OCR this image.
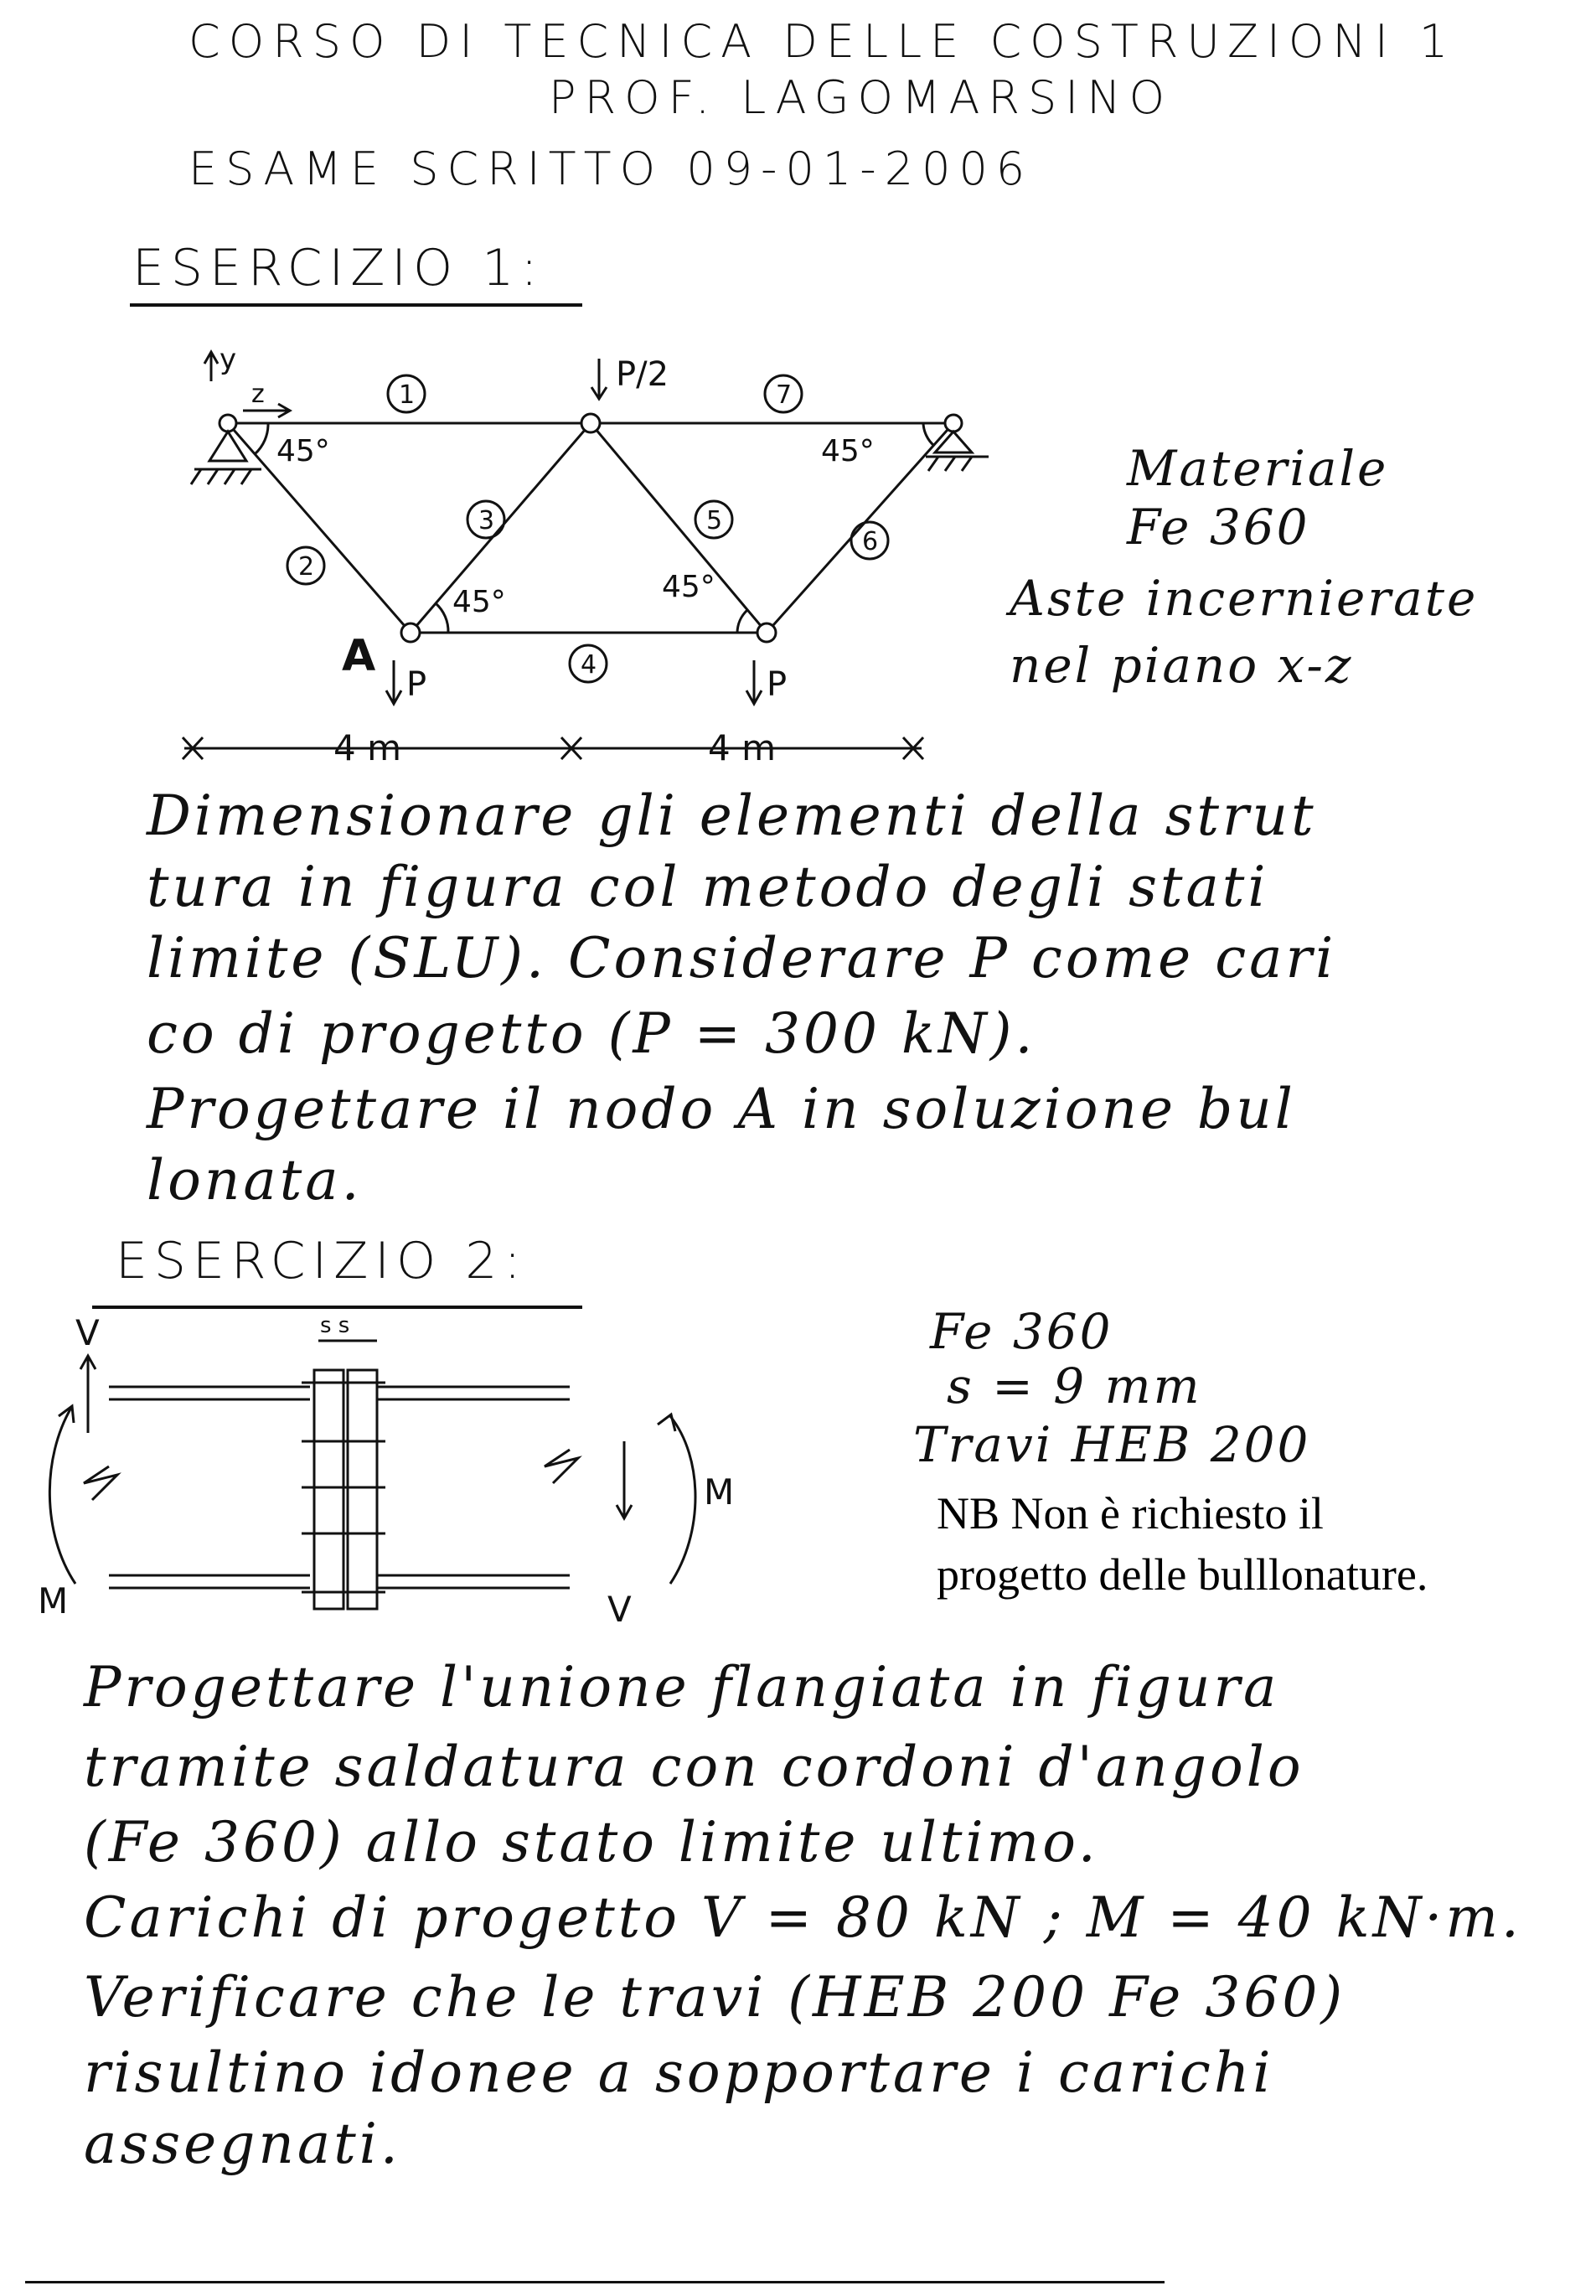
CORSO DI TECNICA DELLE COSTRUZIONI 1
PROF. LAGOMARSINO
ESAME SCRITTO 09-01-2006
ESERCIZIO 1:
y
z	1	7
2
3	5
6
4
45°
45°	45°
45°
A
P/2
P	P
4 m	4 m
Materiale
Fe 360
Aste incernierate
nel piano x-z
Dimensionare gli elementi della strut
tura in figura col metodo degli stati
limite (SLU). Considerare P come cari
co di progetto (P = 300 kN).
Progettare il nodo A in soluzione bul
lonata.
ESERCIZIO 2:
V
V
M
M
s s	Fe 360
s = 9 mm
Travi HEB 200
NB Non è richiesto il
progetto delle bulllonature.
Progettare l'unione flangiata in figura
tramite saldatura con cordoni d'angolo
(Fe 360) allo stato limite ultimo.
Carichi di progetto V = 80 kN ; M = 40 kN·m.
Verificare che le travi (HEB 200 Fe 360)
risultino idonee a sopportare i carichi
assegnati.
